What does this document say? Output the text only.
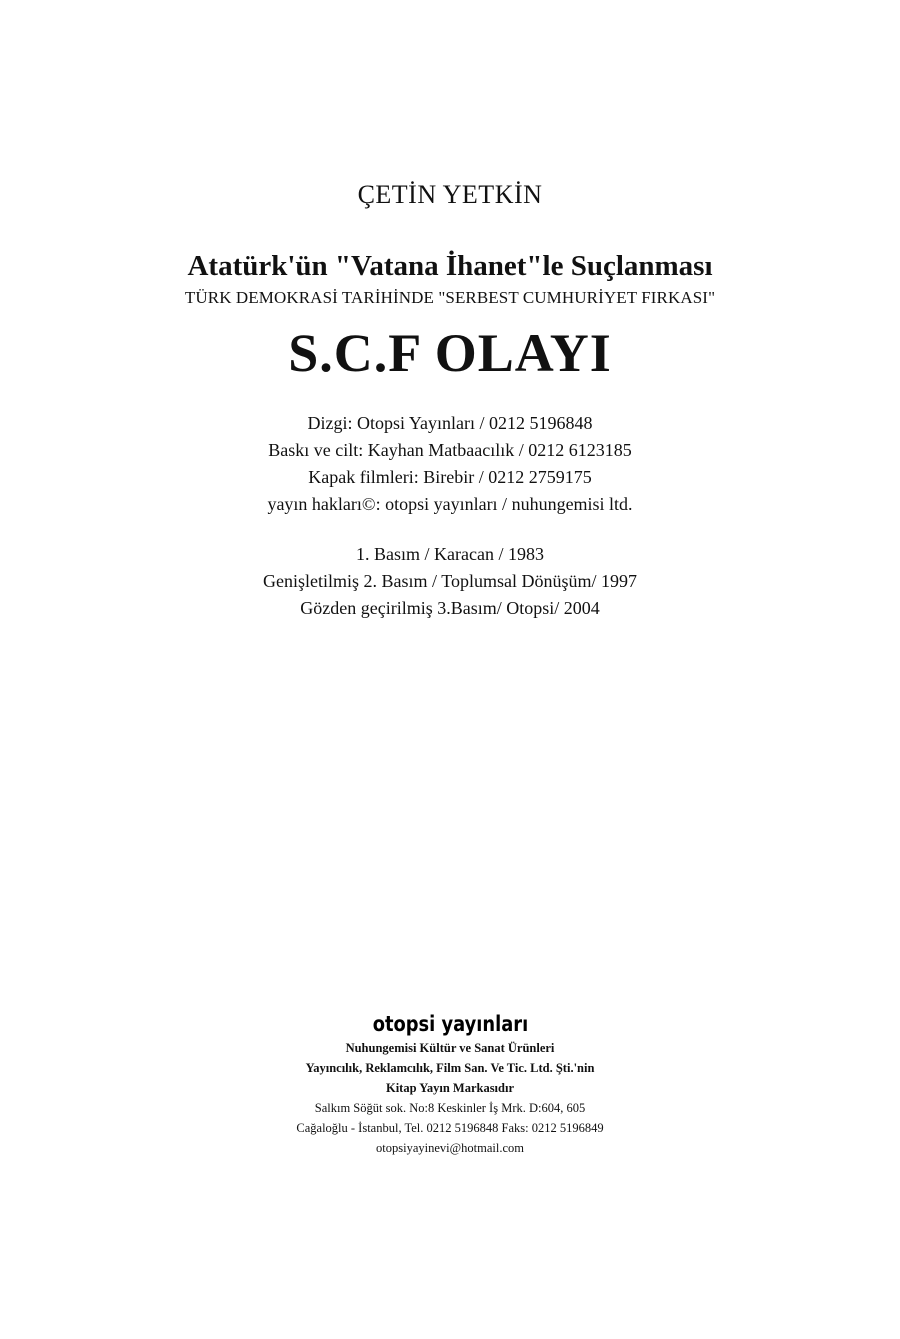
ÇETİN YETKİN
Atatürk'ün "Vatana İhanet"le Suçlanması
TÜRK DEMOKRASİ TARİHİNDE "SERBEST CUMHURİYET FIRKASI"
S.C.F OLAYI
Dizgi: Otopsi Yayınları / 0212 5196848
Baskı ve cilt: Kayhan Matbaacılık / 0212 6123185
Kapak filmleri: Birebir / 0212 2759175
yayın hakları©: otopsi yayınları / nuhungemisi ltd.
1. Basım / Karacan / 1983
Genişletilmiş 2. Basım / Toplumsal Dönüşüm/ 1997
Gözden geçirilmiş 3.Basım/ Otopsi/ 2004
otopsi yayınları
Nuhungemisi Kültür ve Sanat Ürünleri
Yayıncılık, Reklamcılık, Film San. Ve Tic. Ltd. Şti.'nin
Kitap Yayın Markasıdır
Salkım Söğüt sok. No:8 Keskinler İş Mrk. D:604, 605
Cağaloğlu - İstanbul, Tel. 0212 5196848 Faks: 0212 5196849
otopsiyayinevi@hotmail.com
